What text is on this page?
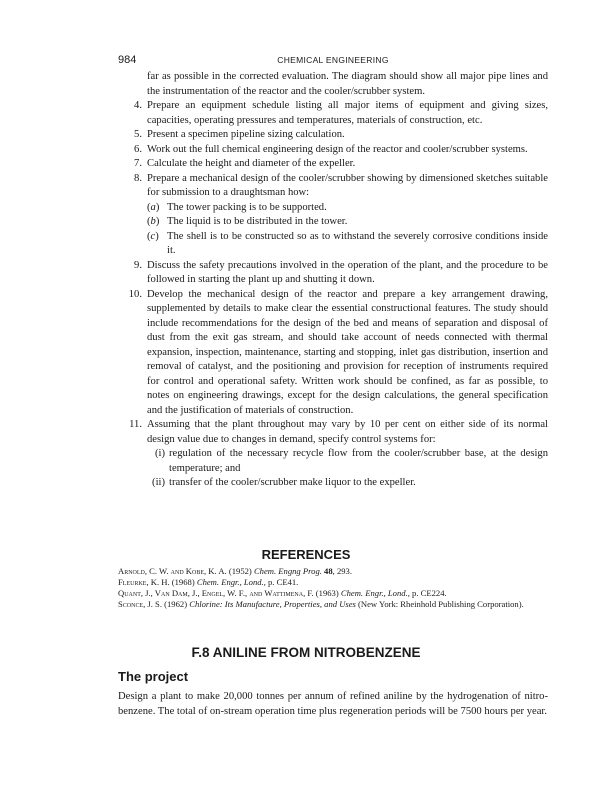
984	CHEMICAL ENGINEERING
far as possible in the corrected evaluation. The diagram should show all major pipe lines and the instrumentation of the reactor and the cooler/scrubber system.
4. Prepare an equipment schedule listing all major items of equipment and giving sizes, capacities, operating pressures and temperatures, materials of construction, etc.
5. Present a specimen pipeline sizing calculation.
6. Work out the full chemical engineering design of the reactor and cooler/scrubber systems.
7. Calculate the height and diameter of the expeller.
8. Prepare a mechanical design of the cooler/scrubber showing by dimensioned sketches suitable for submission to a draughtsman how:
(a) The tower packing is to be supported.
(b) The liquid is to be distributed in the tower.
(c) The shell is to be constructed so as to withstand the severely corrosive conditions inside it.
9. Discuss the safety precautions involved in the operation of the plant, and the procedure to be followed in starting the plant up and shutting it down.
10. Develop the mechanical design of the reactor and prepare a key arrangement drawing, supplemented by details to make clear the essential constructional features. The study should include recommendations for the design of the bed and means of separation and disposal of dust from the exit gas stream, and should take account of needs connected with thermal expansion, inspection, maintenance, starting and stopping, inlet gas distribution, insertion and removal of catalyst, and the positioning and provision for reception of instruments required for control and operational safety. Written work should be confined, as far as possible, to notes on engineering drawings, except for the design calculations, the general specification and the justification of materials of construction.
11. Assuming that the plant throughout may vary by 10 per cent on either side of its normal design value due to changes in demand, specify control systems for:
(i) regulation of the necessary recycle flow from the cooler/scrubber base, at the design temperature; and
(ii) transfer of the cooler/scrubber make liquor to the expeller.
REFERENCES
Arnold, C. W. and Kobe, K. A. (1952) Chem. Engng Prog. 48, 293.
Fleurke, K. H. (1968) Chem. Engr., Lond., p. CE41.
Quant, J., Van Dam, J., Engel, W. F., and Wattimena, F. (1963) Chem. Engr., Lond., p. CE224.
Sconce, J. S. (1962) Chlorine: Its Manufacture, Properties, and Uses (New York: Rheinhold Publishing Corporation).
F.8 ANILINE FROM NITROBENZENE
The project
Design a plant to make 20,000 tonnes per annum of refined aniline by the hydrogenation of nitro-benzene. The total of on-stream operation time plus regeneration periods will be 7500 hours per year.
